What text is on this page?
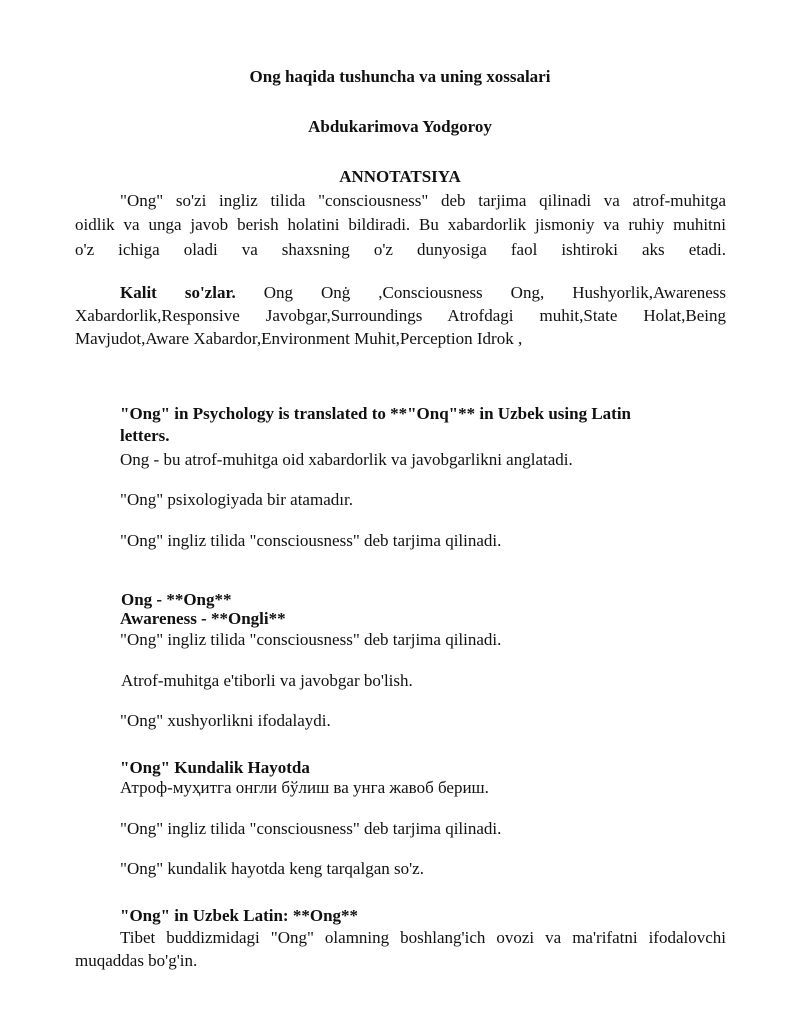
Ong haqida tushuncha va uning xossalari
Abdukarimova Yodgoroy
ANNOTATSIYA
"Ong" so'zi ingliz tilida "consciousness" deb tarjima qilinadi va atrof-muhitga
oidlik va unga javob berish holatini bildiradi. Bu xabardorlik jismoniy va ruhiy muhitni
o'z ichiga oladi va shaxsning o'z dunyosiga faol ishtiroki aks etadi.
Kalit so'zlar. Ong Onġ ,Consciousness Ong, Hushyorlik,Awareness
Xabardorlik,Responsive Javobgar,Surroundings Atrofdagi muhit,State Holat,Being
Mavjudot,Aware Xabardor,Environment Muhit,Perception Idrok ,
"Ong" in Psychology is translated to **"Onq"** in Uzbek using Latin
letters.
Ong - bu atrof-muhitga oid xabardorlik va javobgarlikni anglatadi.
"Ong" psixologiyada bir atamadır.
"Ong" ingliz tilida "consciousness" deb tarjima qilinadi.
Ong - **Ong**
Awareness - **Ongli**
"Ong" ingliz tilida "consciousness" deb tarjima qilinadi.
Atrof-muhitga e'tiborli va javobgar bo'lish.
"Ong" xushyorlikni ifodalaydi.
"Ong" Kundalik Hayotda
Атроф-муҳитга онгли бўлиш ва унга жавоб бериш.
"Ong" ingliz tilida "consciousness" deb tarjima qilinadi.
"Ong" kundalik hayotda keng tarqalgan so'z.
"Ong" in Uzbek Latin: **Ong**
Tibet buddizmidagi "Ong" olamning boshlang'ich ovozi va ma'rifatni ifodalovchi
muqaddas bo'g'in.
